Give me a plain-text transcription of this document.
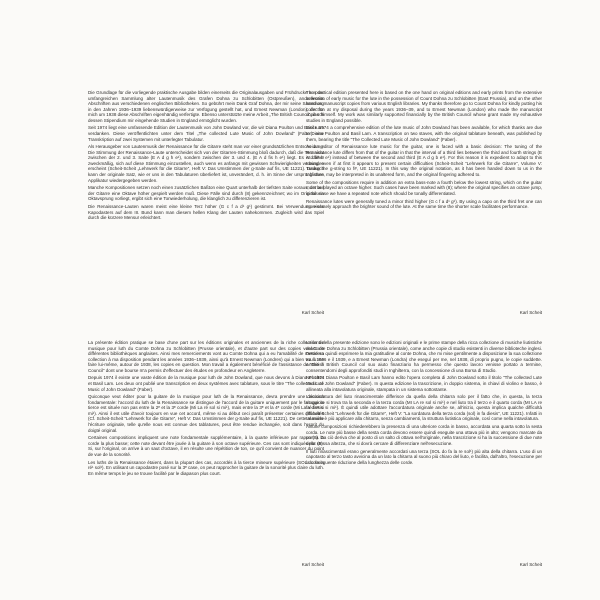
Die Grundlage für die vorliegende praktische Ausgabe bilden einerseits die Originalausgaben und Frühdrucke aus der umfangreichen Sammlung alter Lautenmusik des Grafen Dohna zu Schlobitten (Ostpreußen), andererseits Abschriften aus verschiedenen englischen Bibliotheken. So gebührt mein Dank Graf Dohna, der mir seine Sammlung in den Jahren 1936–1939 liebenswürdigerweise zur Verfügung gestellt hat, und Ernest Newman (London), der für mich um 1938 diese Abschriften eigenhändig verfertigte. Ebenso unterstützte meine Arbeit „The British Council“, durch dessen Stipendium mir eingehende Studien in England ermöglicht wurden.

Seit 1974 liegt eine umfassende Edition der Lautenmusik von John Dowland vor, die wir Diana Poulton und Basil Lam verdanken. Diese veröffentlichten unter dem Titel „The collected Lute Music of John Dowland“ (Faber) eine Transkription auf zwei Systemen mit unterlegter Tabulatur.

Als Herausgeber von Lautenmusik der Renaissance für die Gitarre steht man vor einer grundsätzlichen Entscheidung: Die Stimmung der Renaissance-Laute unterscheidet sich von der Gitarren-Stimmung bloß dadurch, daß die Terz nicht zwischen der 2. und 3. Saite (E A d g h e¹), sondern zwischen der 3. und 4. (E A d fis h e¹) liegt. Es ist daher zweckmäßig, sich auf diese Stimmung einzustellen, auch wenn es anfangs mit gewissen Schwierigkeiten verbunden erscheint (Scheit-Scheit „Lehrwerk für die Gitarre“, Heft V: Das Umstimmen der g-Saite auf fis, UE 11221). Dadurch kann der originale Satz, wie er uns in den Tabulaturen überliefert ist, unverändert, d. h. im Sinne der ursprünglichen Applikatur wiedergegeben werden.

Manche Kompositionen setzen noch einen zusätzlichen Baßton eine Quart unterhalb der tiefsten Saite voraus, der auf der Gitarre eine Oktave höher gespielt werden muß. Diese Fälle sind durch (8) gekennzeichnet; wo im Original ein Oktavsprung vorliegt, ergibt sich eine Tonwiederholung, die klanglich zu differenzieren ist.

Die Renaissance-Lauten waren meist eine kleine Terz höher (G c f a d¹ g¹) gestimmt. Bei Verwendung eines Kapodasters auf dem III. Bund kann man diesem hellen Klang der Lauten nahekommen. Zugleich wird das Spiel durch die kürzere Mensur erleichtert.

Karl Scheit

The practical edition presented here is based on the one hand on original editions and early prints from the extensive collection of early music for the lute in the possession of Count Dohna zu Schlobitten (East Prussia), and on the other hand on manuscript copies from various English libraries. My thanks therefore go to Count Dohna for kindly putting his collection at my disposal during the years 1936–39, and to Ernest Newman (London) who made the manuscript copies himself. My work was similarly supported financially by the British Council whose grant made my exhaustive studies in England possible.

Since 1974 a comprehensive edition of the lute music of John Dowland has been available, for which thanks are due to Diana Poulton and Basil Lam. A transcription on two staves, with the original tablature beneath, was published by them, bearing the title “The Collected Lute Music of John Dowland” (Faber).

As an editor of Renaissance lute music for the guitar, one is faced with a basic decision: The tuning of the Renaissance lute differs from that of the guitar in that the interval of a third lies between the third and fourth strings (E A d fi# b e¹) instead of between the second and third (E A d g b e¹). For this reason it is expedient to adapt to this tuning, even if at first it appears to present certain difficulties (Scheit-Scheit “Lehrwerk für die Gitarre”, Volume V: Tuning the g-string to f#, UE 11221). In this way the original notation, as it has been handed down to us in the tablature, may be interpreted in its unaltered form, and the original fingering adhered to.

Some of the compositions require in addition an extra bass-note a fourth below the lowest string, which on the guitar must be played an octave higher. Such cases have been marked with (8); where the original specifies an octave jump, in this case we have a repeated note which should be tonally differentiated.

Renaissance lutes were generally tuned a minor third higher (G c f a d¹ g¹). By using a capo on the third fret one can more closely approach the brighter sound of the lute. At the same time the shorter scale facilitates performance.

Karl Scheit

La présente édition pratique se base d'une part sur les éditions originales et anciennes de la riche collection de musique pour luth du Comte Dohna zu Schlobitten (Prusse orientale), et d'autre part sur des copies venant de différentes bibliothèques anglaises. Ainsi mes remerciements vont au Comte Dohna qui a eu l'amabilité de mettre sa collection à ma disposition pendant les années 1936–1939, ainsi qu'à Ernest Newman (Londres) qui a bien voulu me faire lui-même, autour de 1938, les copies en question. Mon travail a également bénéficié de l'assistance du “British Council” dont une bourse m'a permis d'effectuer des études en profondeur en Angleterre.

Depuis 1974 il existe une vaste édition de la musique pour luth de John Dowland, que nous devons à Diana Poulton et Basil Lam. Les deux ont publié une transcription en deux systèmes avec tablature, sous le titre “The collected Lute Music of John Dowland” (Faber).

Quiconque veut éditer pour la guitare de la musique pour luth de la Renaissance, devra prendre une décision fondamentale: l'accord du luth de la Renaissance se distingue de l'accord de la guitare uniquement par le fait que la tierce est située non pas entre la 2ᵉ et la 3ᵉ corde (Mi La ré sol si mi¹), mais entre la 3ᵉ et la 4ᵉ corde (Mi La ré fa# si mi¹). Ainsi il est utile d'avoir toujours en vue cet accord, même si au début ceci paraît présenter certaines difficultés (Cf. Scheit-Scheit “Lehrwerk für die Gitarre”, Heft V: Das Umstimmen der g-Saite auf fis, UE 11221). De cette manière l'écriture originale, telle qu'elle nous est connue des tablatures, peut être rendue inchangée, soit dans l'esprit du doigté original.

Certaines compositions impliquent une note fondamentale supplémentaire, à la quarte inférieure par rapport à la corde la plus basse; cette note devant être jouée à la guitare à son octave supérieure. Ces cas sont indiqués par (8). Si, sur l'original, on arrive à un saut d'octave, il en résulte une répétition de ton, ce qu'il convient de nuancer du point de vue de la sonorité.

Les luths de la Renaissance étaient, dans la plupart des cas, accordés à la tierce mineure supérieure (SOL do fa la ré¹ sol¹). En utilisant un capodastre posé sur la 3ᵉ case, on peut rapprocher la guitare de la sonorité plus claire du luth. En même temps le jeu se trouve facilité par le diapason plus court.

Karl Scheit

Le fonti della presente edizione sono le edizioni originali e le prime stampe della ricca collezione di musiche liutistiche del Conte Dohna zu Schlobitten (Prussia orientale), come anche copie di studio esistenti in diverse biblioteche inglesi. Desidero quindi esprimere la mia gratitudine al conte Dohna, che mi mise gentilmente a disposizione la sua collezione tra il 1936 e il 1939, e a Ernest Newman (Londra) che eseguì per me, nel 1938, di proprio pugno, le copie suddette. Anche il British Council col suo aiuto finanziario ha permesso che questo lavoro venisse portato a termine, consentendomi degli approfonditi studi in Inghilterra, con la concessione di una Borsa di Studio.

Nel 1974 Diana Poulton e Basil Lam hanno edito l'opera completa di John Dowland sotto il titolo “The collected Lute Music of John Dowland” (Faber). In questa edizione la trascrizione, in doppio sistema, in chiavi di violino e basso, è allineata alla intavolatura originale, stampata in un sistema sottostante.

L'accordatura del liuto rinascimentale differisce da quella della chitarra solo per il fatto che, in questa, la terza maggiore si trova tra la seconda e la terza corda (MI LA re sol si mi¹) e nel liuto tra il terzo e il quarto corda (MI LA re fa diesis si mi¹). È quindi utile adottare l'accordatura originale anche se, all'inizio, questa implica qualche difficoltà (Scheit-Scheit “Lehrwerk für die Gitarre”, Heft V: “La sordatura della terza corda (sol) in fa diesis”, UE 11221). Infatti in tal modo è più applicare alla chitarra, senza cambiamenti, la struttura liutistica originale, così come nella intavolatura.

Alcune composizioni richiederebbero la presenza di una ulteriore corda in basso, accordata una quarta sotto la sesta corda. Le note più basse della sesta corda devono essere quindi eseguite una ottava più in alto; vengono marcate da un (8). Da ciò deriva che al posto di un salto di ottava nell'originale, nella trascrizione si ha la successione di due note della stessa altezza, che si dovrà cercare di differenziare nell'esecuzione.

Il liuti rinascimentali erano generalmente accordati una terza (SOL do fa la re sol¹) più alta della chitarra. L'uso di un capotasto al terzo tasto avvicina da un lato la chitarra al suono più chiaro del liuto, e facilita, dall'altro, l'esecuzione per la conseguente riduzione della lunghezza delle corde.

Karl Scheit
